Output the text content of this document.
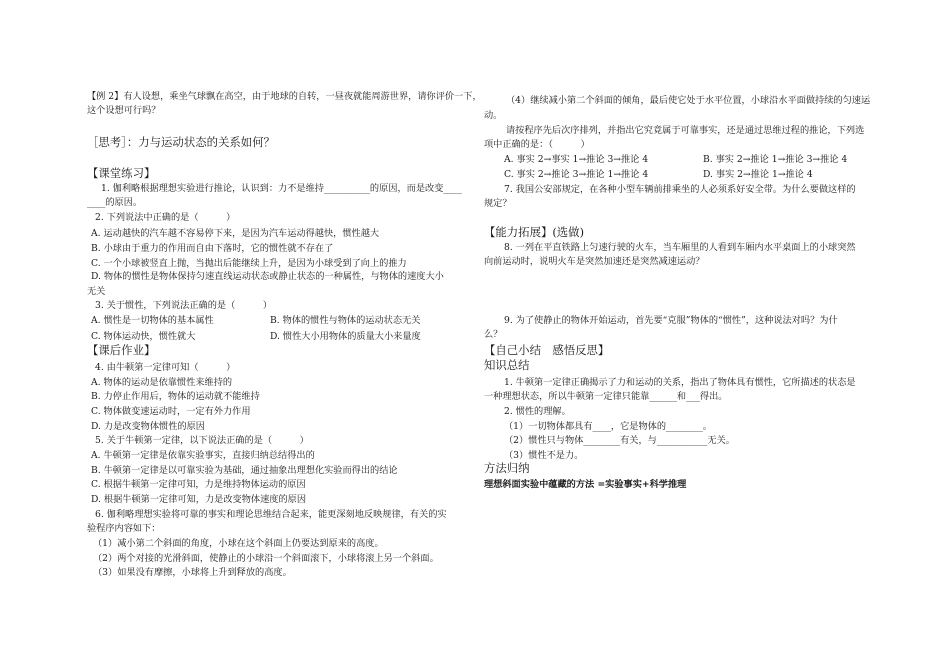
【例 2】有人设想，乘坐气球飘在高空，由于地球的自转，一昼夜就能周游世界，请你评价一下，
这个设想可行吗？
［思考］：力与运动状态的关系如何？
【课堂练习】
1. 伽利略根据理想实验进行推论，认识到：力不是维持__________的原因，而是改变____
____的原因。
2. 下列说法中正确的是（　　　）
A. 运动越快的汽车越不容易停下来，是因为汽车运动得越快，惯性越大
B. 小球由于重力的作用而自由下落时，它的惯性就不存在了
C. 一个小球被竖直上抛，当抛出后能继续上升，是因为小球受到了向上的推力
D. 物体的惯性是物体保持匀速直线运动状态或静止状态的一种属性，与物体的速度大小
无关
3. 关于惯性，下列说法正确的是（　　　）
A. 惯性是一切物体的基本属性	B. 物体的惯性与物体的运动状态无关
C. 物体运动快，惯性就大	D. 惯性大小用物体的质量大小来量度
【课后作业】
4. 由牛顿第一定律可知（　　　）
A. 物体的运动是依靠惯性来维持的
B. 力停止作用后，物体的运动就不能维持
C. 物体做变速运动时，一定有外力作用
D. 力是改变物体惯性的原因
5. 关于牛顿第一定律，以下说法正确的是（　　　）
A. 牛顿第一定律是依靠实验事实，直接归纳总结得出的
B. 牛顿第一定律是以可靠实验为基础，通过抽象出理想化实验而得出的结论
C. 根据牛顿第一定律可知，力是维持物体运动的原因
D. 根据牛顿第一定律可知，力是改变物体速度的原因
6. 伽利略理想实验将可靠的事实和理论思维结合起来，能更深刻地反映规律，有关的实
验程序内容如下：
（1）减小第二个斜面的角度，小球在这个斜面上仍要达到原来的高度。
（2）两个对接的光滑斜面，使静止的小球沿一个斜面滚下，小球将滚上另一个斜面。
（3）如果没有摩擦，小球将上升到释放的高度。
（4）继续减小第二个斜面的倾角，最后使它处于水平位置，小球沿水平面做持续的匀速运
动。
请按程序先后次序排列，并指出它究竟属于可靠事实，还是通过思维过程的推论，下列选
项中正确的是：（　　　）
A. 事实 2→事实 1→推论 3→推论 4	B. 事实 2→推论 1→推论 3→推论 4
C. 事实 2→推论 3→推论 1→推论 4	D. 事实 2→推论 1→推论 4
7. 我国公安部规定，在各种小型车辆前排乘坐的人必须系好安全带。为什么要做这样的
规定？
【能力拓展】(选做)
8. 一列在平直铁路上匀速行驶的火车，当车厢里的人看到车厢内水平桌面上的小球突然
向前运动时，说明火车是突然加速还是突然减速运动？
9. 为了使静止的物体开始运动，首先要“克服”物体的“惯性”，这种说法对吗？为什
么？
【自己小结　感悟反思】
知识总结
1. 牛顿第一定律正确揭示了力和运动的关系，指出了物体具有惯性，它所描述的状态是
一种理想状态，所以牛顿第一定律只能靠______和___得出。
2. 惯性的理解。
（1）一切物体都具有____，它是物体的________。
（2）惯性只与物体________有关，与___________无关。
（3）惯性不是力。
方法归纳
理想斜面实验中蕴藏的方法 =实验事实+科学推理
